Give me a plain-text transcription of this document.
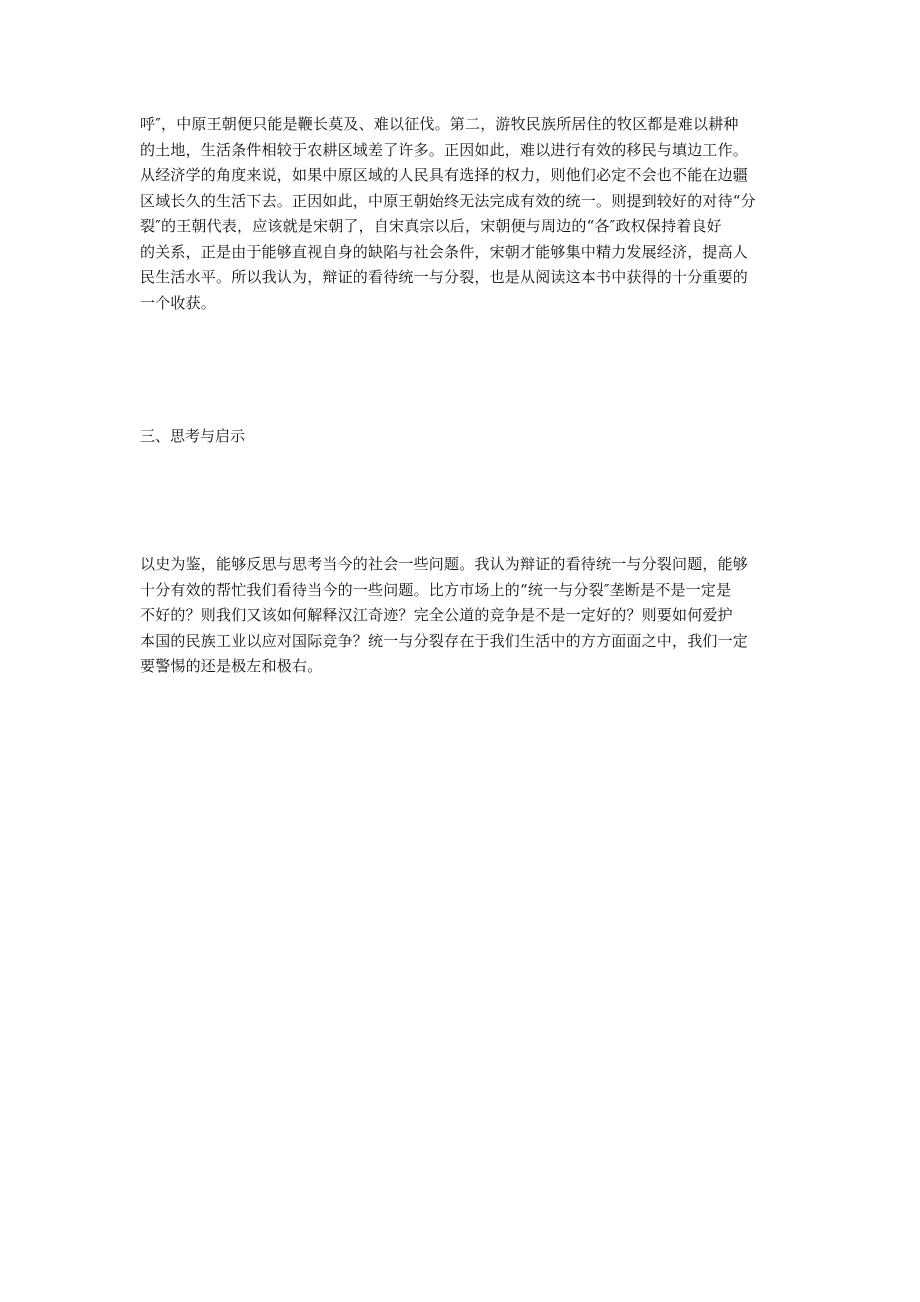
呼″，中原王朝便只能是鞭长莫及、难以征伐。第二，游牧民族所居住的牧区都是难以耕种
的土地，生活条件相较于农耕区域差了许多。正因如此，难以进行有效的移民与填边工作。
从经济学的角度来说，如果中原区域的人民具有选择的权力，则他们必定不会也不能在边疆
区域长久的生活下去。正因如此，中原王朝始终无法完成有效的统一。则提到较好的对待“分
裂″的王朝代表，应该就是宋朝了，自宋真宗以后，宋朝便与周边的“各″政权保持着良好
的关系，正是由于能够直视自身的缺陷与社会条件，宋朝才能够集中精力发展经济，提高人
民生活水平。所以我认为，辩证的看待统一与分裂，也是从阅读这本书中获得的十分重要的
一个收获。
三、思考与启示
以史为鉴，能够反思与思考当今的社会一些问题。我认为辩证的看待统一与分裂问题，能够
十分有效的帮忙我们看待当今的一些问题。比方市场上的“统一与分裂″垄断是不是一定是
不好的？则我们又该如何解释汉江奇迹？完全公道的竞争是不是一定好的？则要如何爱护
本国的民族工业以应对国际竞争？统一与分裂存在于我们生活中的方方面面之中，我们一定
要警惕的还是极左和极右。
